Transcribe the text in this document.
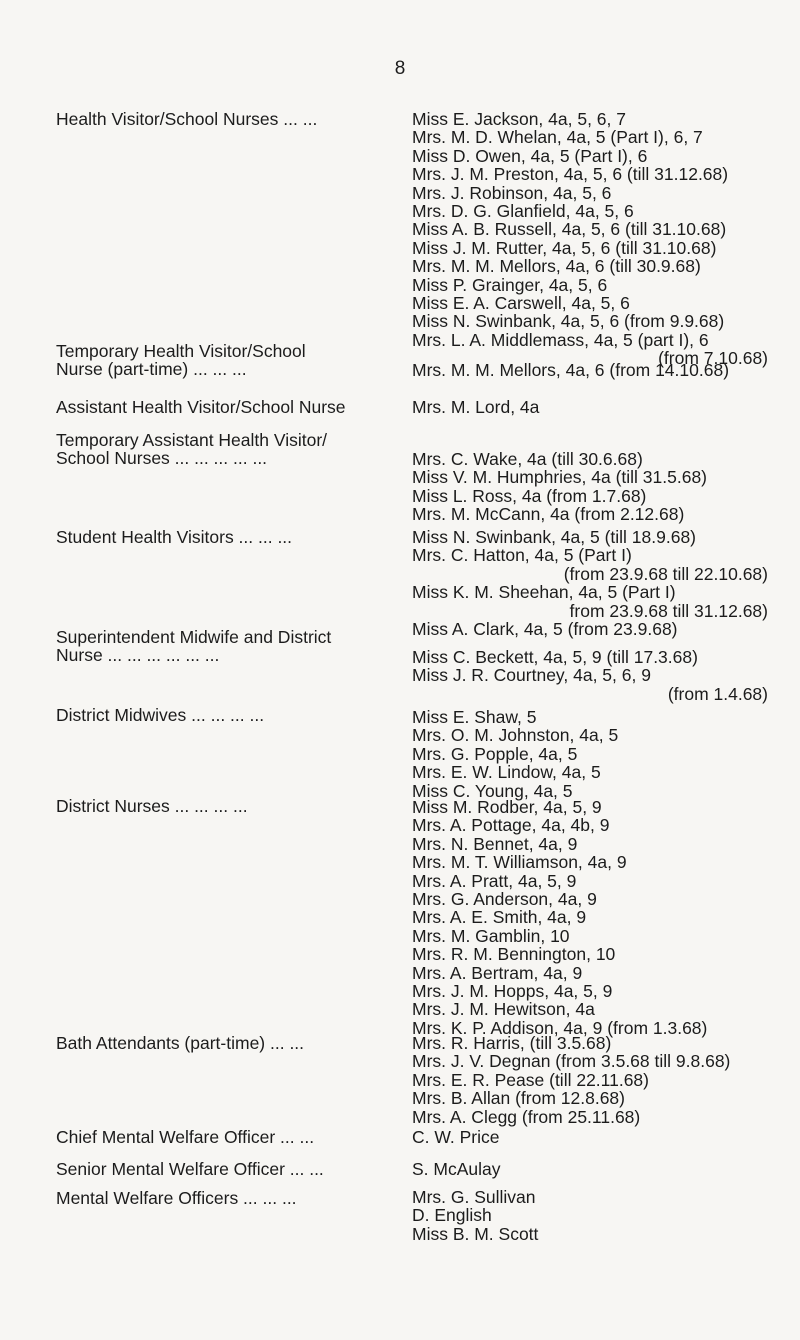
8
Health Visitor/School Nurses ... ...	Miss E. Jackson, 4a, 5, 6, 7
Mrs. M. D. Whelan, 4a, 5 (Part I), 6, 7
Miss D. Owen, 4a, 5 (Part I), 6
Mrs. J. M. Preston, 4a, 5, 6 (till 31.12.68)
Mrs. J. Robinson, 4a, 5, 6
Mrs. D. G. Glanfield, 4a, 5, 6
Miss A. B. Russell, 4a, 5, 6 (till 31.10.68)
Miss J. M. Rutter, 4a, 5, 6 (till 31.10.68)
Mrs. M. M. Mellors, 4a, 6 (till 30.9.68)
Miss P. Grainger, 4a, 5, 6
Miss E. A. Carswell, 4a, 5, 6
Miss N. Swinbank, 4a, 5, 6 (from 9.9.68)
Mrs. L. A. Middlemass, 4a, 5 (part I), 6
(from 7.10.68)
Temporary Health Visitor/School
Nurse (part-time) ... ... ...	Mrs. M. M. Mellors, 4a, 6 (from 14.10.68)
Assistant Health Visitor/School Nurse	Mrs. M. Lord, 4a
Temporary Assistant Health Visitor/
School Nurses ... ... ... ... ...	Mrs. C. Wake, 4a (till 30.6.68)
Miss V. M. Humphries, 4a (till 31.5.68)
Miss L. Ross, 4a (from 1.7.68)
Mrs. M. McCann, 4a (from 2.12.68)
Student Health Visitors ... ... ...	Miss N. Swinbank, 4a, 5 (till 18.9.68)
Mrs. C. Hatton, 4a, 5 (Part I)
(from 23.9.68 till 22.10.68)
Miss K. M. Sheehan, 4a, 5 (Part I)
from 23.9.68 till 31.12.68)
Miss A. Clark, 4a, 5 (from 23.9.68)
Superintendent Midwife and District
Nurse ... ... ... ... ... ...	Miss C. Beckett, 4a, 5, 9 (till 17.3.68)
Miss J. R. Courtney, 4a, 5, 6, 9
(from 1.4.68)
District Midwives ... ... ... ...	Miss E. Shaw, 5
Mrs. O. M. Johnston, 4a, 5
Mrs. G. Popple, 4a, 5
Mrs. E. W. Lindow, 4a, 5
Miss C. Young, 4a, 5
District Nurses ... ... ... ...	Miss M. Rodber, 4a, 5, 9
Mrs. A. Pottage, 4a, 4b, 9
Mrs. N. Bennet, 4a, 9
Mrs. M. T. Williamson, 4a, 9
Mrs. A. Pratt, 4a, 5, 9
Mrs. G. Anderson, 4a, 9
Mrs. A. E. Smith, 4a, 9
Mrs. M. Gamblin, 10
Mrs. R. M. Bennington, 10
Mrs. A. Bertram, 4a, 9
Mrs. J. M. Hopps, 4a, 5, 9
Mrs. J. M. Hewitson, 4a
Mrs. K. P. Addison, 4a, 9 (from 1.3.68)
Bath Attendants (part-time) ... ...	Mrs. R. Harris, (till 3.5.68)
Mrs. J. V. Degnan (from 3.5.68 till 9.8.68)
Mrs. E. R. Pease (till 22.11.68)
Mrs. B. Allan (from 12.8.68)
Mrs. A. Clegg (from 25.11.68)
Chief Mental Welfare Officer ... ...	C. W. Price
Senior Mental Welfare Officer ... ...	S. McAulay
Mental Welfare Officers ... ... ...	Mrs. G. Sullivan
D. English
Miss B. M. Scott
